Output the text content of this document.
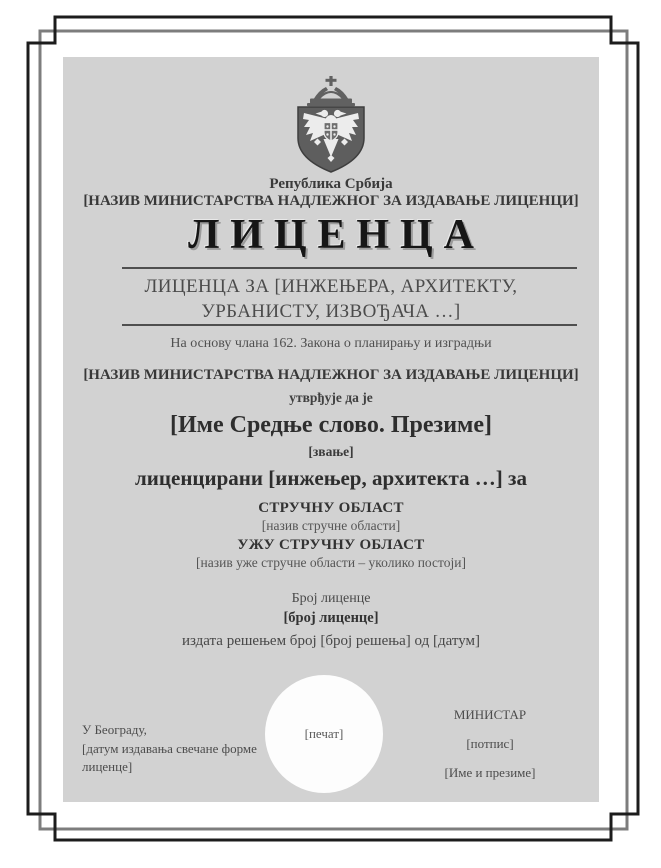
Република Србија
[НАЗИВ МИНИСТАРСТВА НАДЛЕЖНОГ ЗА ИЗДАВАЊЕ ЛИЦЕНЦИ]
ЛИЦЕНЦА
ЛИЦЕНЦА ЗА [ИНЖЕЊЕРА, АРХИТЕКТУ,
УРБАНИСТУ, ИЗВОЂАЧА …]
На основу члана 162. Закона о планирању и изградњи
[НАЗИВ МИНИСТАРСТВА НАДЛЕЖНОГ ЗА ИЗДАВАЊЕ ЛИЦЕНЦИ]
утврђује да је
[Име Средње слово. Презиме]
[звање]
лиценцирани [инжењер, архитекта …] за
СТРУЧНУ ОБЛАСТ
[назив стручне области]
УЖУ СТРУЧНУ ОБЛАСТ
[назив уже стручне области – уколико постоји]
Број лиценце
[број лиценце]
издата решењем број [број решења] од [датум]
[печат]
У Београду,
[датум издавања свечане форме лиценце]
МИНИСТАР
[потпис]
[Име и презиме]
